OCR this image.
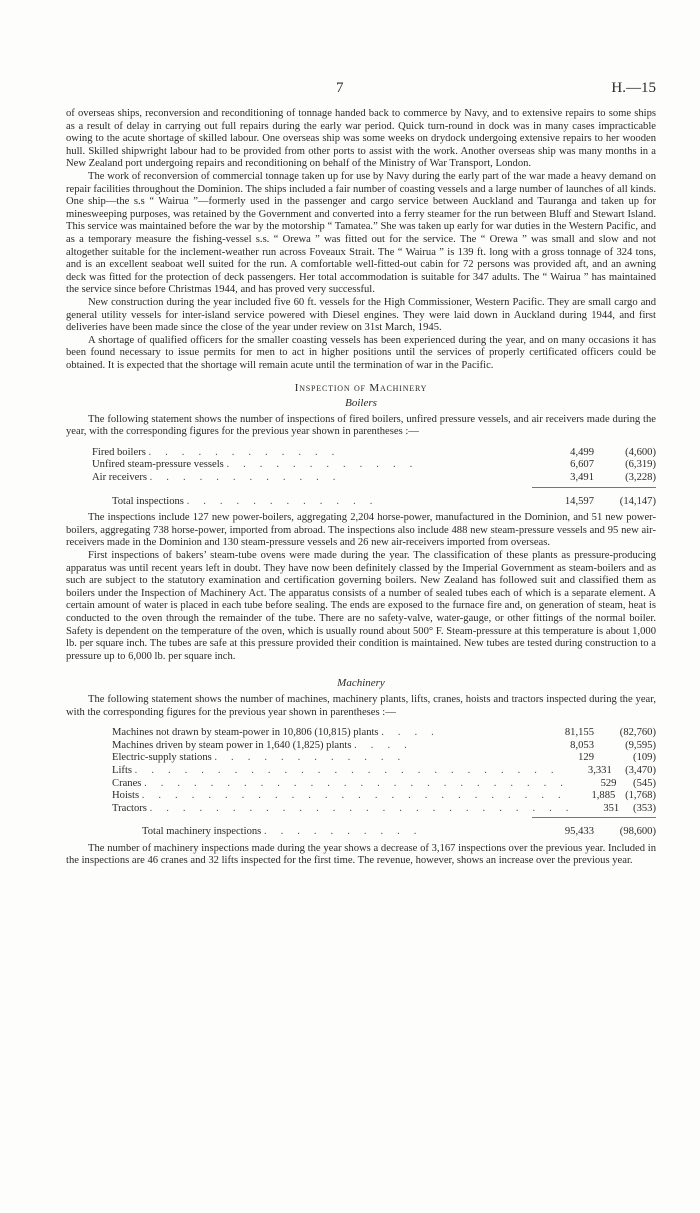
7	H.—15

of overseas ships, reconversion and reconditioning of tonnage handed back to commerce by Navy, and to extensive repairs to some ships as a result of delay in carrying out full repairs during the early war period. Quick turn-round in dock was in many cases impracticable owing to the acute shortage of skilled labour. One overseas ship was some weeks on drydock undergoing extensive repairs to her wooden hull. Skilled shipwright labour had to be provided from other ports to assist with the work. Another overseas ship was many months in a New Zealand port undergoing repairs and reconditioning on behalf of the Ministry of War Transport, London.

The work of reconversion of commercial tonnage taken up for use by Navy during the early part of the war made a heavy demand on repair facilities throughout the Dominion. The ships included a fair number of coasting vessels and a large number of launches of all kinds. One ship—the s.s “ Wairua ”—formerly used in the passenger and cargo service between Auckland and Tauranga and taken up for minesweeping purposes, was retained by the Government and converted into a ferry steamer for the run between Bluff and Stewart Island. This service was maintained before the war by the motorship “ Tamatea.” She was taken up early for war duties in the Western Pacific, and as a temporary measure the fishing-vessel s.s. “ Orewa ” was fitted out for the service. The “ Orewa ” was small and slow and not altogether suitable for the inclement-weather run across Foveaux Strait. The “ Wairua ” is 139 ft. long with a gross tonnage of 324 tons, and is an excellent seaboat well suited for the run. A comfortable well-fitted-out cabin for 72 persons was provided aft, and an awning deck was fitted for the protection of deck passengers. Her total accommodation is suitable for 347 adults. The “ Wairua ” has maintained the service since before Christmas 1944, and has proved very successful.

New construction during the year included five 60 ft. vessels for the High Commissioner, Western Pacific. They are small cargo and general utility vessels for inter-island service powered with Diesel engines. They were laid down in Auckland during 1944, and first deliveries have been made since the close of the year under review on 31st March, 1945.

A shortage of qualified officers for the smaller coasting vessels has been experienced during the year, and on many occasions it has been found necessary to issue permits for men to act in higher positions until the services of properly certificated officers could be obtained. It is expected that the shortage will remain acute until the termination of war in the Pacific.

Inspection of Machinery
Boilers

The following statement shows the number of inspections of fired boilers, unfired pressure vessels, and air receivers made during the year, with the corresponding figures for the previous year shown in parentheses :—

Fired boilers ............	4,499	(4,600)
Unfired steam-pressure vessels ............	6,607	(6,319)
Air receivers ............	3,491	(3,228)
Total inspections ............	14,597	(14,147)

The inspections include 127 new power-boilers, aggregating 2,204 horse-power, manufactured in the Dominion, and 51 new power-boilers, aggregating 738 horse-power, imported from abroad. The inspections also include 488 new steam-pressure vessels and 95 new air-receivers made in the Dominion and 130 steam-pressure vessels and 26 new air-receivers imported from overseas.

First inspections of bakers’ steam-tube ovens were made during the year. The classification of these plants as pressure-producing apparatus was until recent years left in doubt. They have now been definitely classed by the Imperial Government as steam-boilers and as such are subject to the statutory examination and certification governing boilers. New Zealand has followed suit and classified them as boilers under the Inspection of Machinery Act. The apparatus consists of a number of sealed tubes each of which is a separate element. A certain amount of water is placed in each tube before sealing. The ends are exposed to the furnace fire and, on generation of steam, heat is conducted to the oven through the remainder of the tube. There are no safety-valve, water-gauge, or other fittings of the normal boiler. Safety is dependent on the temperature of the oven, which is usually round about 500° F. Steam-pressure at this temperature is about 1,000 lb. per square inch. The tubes are safe at this pressure provided their condition is maintained. New tubes are tested during construction to a pressure up to 6,000 lb. per square inch.

Machinery

The following statement shows the number of machines, machinery plants, lifts, cranes, hoists and tractors inspected during the year, with the corresponding figures for the previous year shown in parentheses :—

Machines not drawn by steam-power in 10,806 (10,815) plants ....	81,155	(82,760)
Machines driven by steam power in 1,640 (1,825) plants ....	8,053	(9,595)
Electric-supply stations ............	129	(109)
Lifts ..........................	3,331	(3,470)
Cranes ..........................	529	(545)
Hoists ..........................	1,885 (1,768)
Tractors ..........................	351	(353)
Total machinery inspections ..........	95,433	(98,600)

The number of machinery inspections made during the year shows a decrease of 3,167 inspections over the previous year. Included in the inspections are 46 cranes and 32 lifts inspected for the first time. The revenue, however, shows an increase over the previous year.
